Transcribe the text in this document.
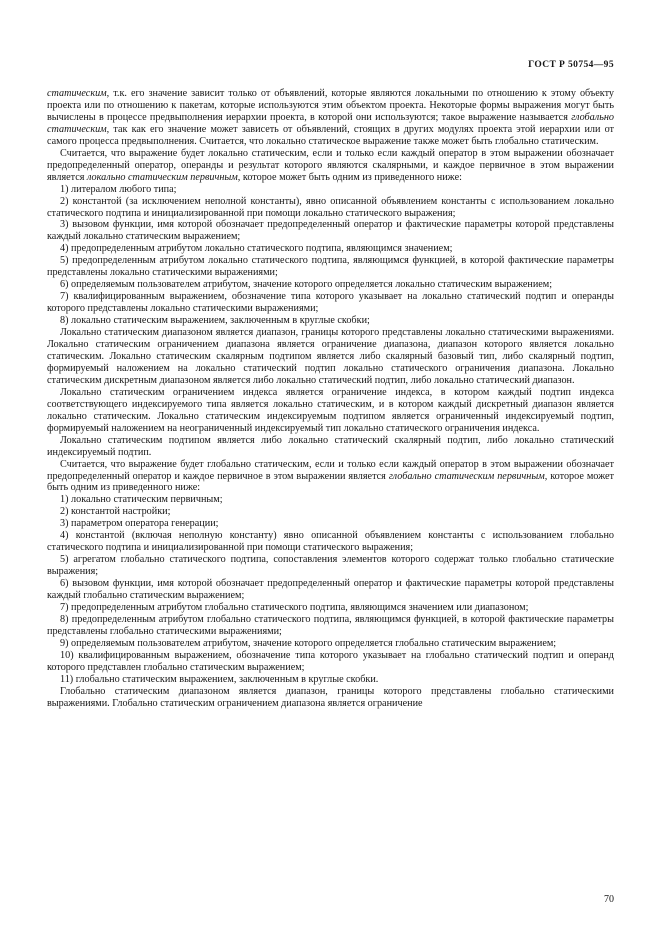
ГОСТ Р 50754—95

статическим, т.к. его значение зависит только от объявлений, которые являются локальными по отношению к этому объекту проекта или по отношению к пакетам, которые используются этим объектом проекта. Некоторые формы выражения могут быть вычислены в процессе предвыполнения иерархии проекта, в которой они используются; такое выражение называется глобально статическим, так как его значение может зависеть от объявлений, стоящих в других модулях проекта этой иерархии или от самого процесса предвыполнения. Считается, что локально статическое выражение также может быть глобально статическим.

Считается, что выражение будет локально статическим, если и только если каждый оператор в этом выражении обозначает предопределенный оператор, операнды и результат которого являются скалярными, и каждое первичное в этом выражении является локально статическим первичным, которое может быть одним из приведенного ниже:

1) литералом любого типа;

2) константой (за исключением неполной константы), явно описанной объявлением константы с использованием локально статического подтипа и инициализированной при помощи локально статического выражения;

3) вызовом функции, имя которой обозначает предопределенный оператор и фактические параметры которой представлены каждый локально статическим выражением;

4) предопределенным атрибутом локально статического подтипа, являющимся значением;

5) предопределенным атрибутом локально статического подтипа, являющимся функцией, в которой фактические параметры представлены локально статическими выражениями;

6) определяемым пользователем атрибутом, значение которого определяется локально статическим выражением;

7) квалифицированным выражением, обозначение типа которого указывает на локально статический подтип и операнды которого представлены локально статическими выражениями;

8) локально статическим выражением, заключенным в круглые скобки;

Локально статическим диапазоном является диапазон, границы которого представлены локально статическими выражениями. Локально статическим ограничением диапазона является ограничение диапазона, диапазон которого является локально статическим. Локально статическим скалярным подтипом является либо скалярный базовый тип, либо скалярный подтип, формируемый наложением на локально статический подтип локально статического ограничения диапазона. Локально статическим дискретным диапазоном является либо локально статический подтип, либо локально статический диапазон.

Локально статическим ограничением индекса является ограничение индекса, в котором каждый подтип индекса соответствующего индексируемого типа является локально статическим, и в котором каждый дискретный диапазон является локально статическим. Локально статическим индексируемым подтипом является ограниченный индексируемый подтип, формируемый наложением на неограниченный индексируемый тип локально статического ограничения индекса.

Локально статическим подтипом является либо локально статический скалярный подтип, либо локально статический индексируемый подтип.

Считается, что выражение будет глобально статическим, если и только если каждый оператор в этом выражении обозначает предопределенный оператор и каждое первичное в этом выражении является глобально статическим первичным, которое может быть одним из приведенного ниже:

1) локально статическим первичным;

2) константой настройки;

3) параметром оператора генерации;

4) константой (включая неполную константу) явно описанной объявлением константы с использованием глобально статического подтипа и инициализированной при помощи статического выражения;

5) агрегатом глобально статического подтипа, сопоставления элементов которого содержат только глобально статические выражения;

6) вызовом функции, имя которой обозначает предопределенный оператор и фактические параметры которой представлены каждый глобально статическим выражением;

7) предопределенным атрибутом глобально статического подтипа, являющимся значением или диапазоном;

8) предопределенным атрибутом глобально статического подтипа, являющимся функцией, в которой фактические параметры представлены глобально статическими выражениями;

9) определяемым пользователем атрибутом, значение которого определяется глобально статическим выражением;

10) квалифицированным выражением, обозначение типа которого указывает на глобально статический подтип и операнд которого представлен глобально статическим выражением;

11) глобально статическим выражением, заключенным в круглые скобки.

Глобально статическим диапазоном является диапазон, границы которого представлены глобально статическими выражениями. Глобально статическим ограничением диапазона является ограничение

70
